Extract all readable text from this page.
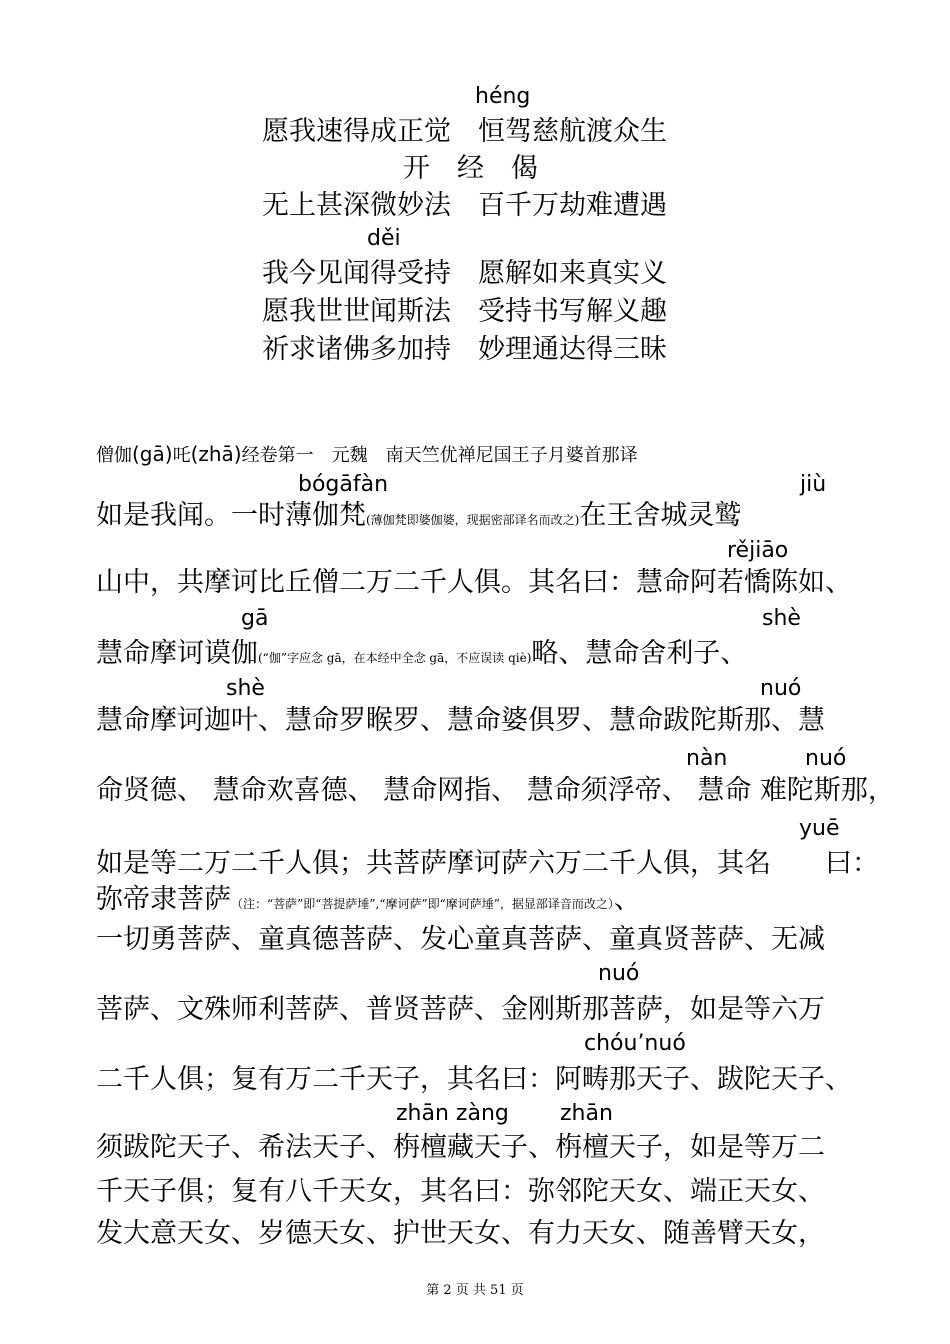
héng
愿我速得成正觉　恒驾慈航渡众生
开　经　偈
无上甚深微妙法　百千万劫难遭遇
děi
我今见闻得受持　愿解如来真实义
愿我世世闻斯法　受持书写解义趣
祈求诸佛多加持　妙理通达得三昧
僧伽(gā)吒(zhā)经卷第一　元魏　南天竺优禅尼国王子月婆首那译
bógāfàn	jiù
如是我闻。一时薄伽梵(薄伽梵即婆伽婆，现据密部译名而改之)在王舍城灵鹫
rějiāo
山中，共摩诃比丘僧二万二千人俱。其名曰：慧命阿若憍陈如、
gā	shè
慧命摩诃谟伽(“伽”字应念 gā，在本经中全念 gā，不应误读 qiè)略、慧命舍利子、
shè	nuó
慧命摩诃迦叶、慧命罗睺罗、慧命婆俱罗、慧命跋陀斯那、慧
nàn	nuó
命贤德、 慧命欢喜德、 慧命网指、 慧命须浮帝、 慧命 难陀斯那，
yuē
如是等二万二千人俱；共菩萨摩诃萨六万二千人俱，其名　　曰：
弥帝隶菩萨（注：“菩萨”即“菩提萨埵”,“摩诃萨”即“摩诃萨埵”，据显部译音而改之）、
一切勇菩萨、童真德菩萨、发心童真菩萨、童真贤菩萨、无减
nuó
菩萨、文殊师利菩萨、普贤菩萨、金刚斯那菩萨，如是等六万
chóu’nuó
二千人俱；复有万二千天子，其名曰：阿畴那天子、跋陀天子、
zhān zàng zhān
须跋陀天子、希法天子、栴檀藏天子、栴檀天子，如是等万二
千天子俱；复有八千天女，其名曰：弥邻陀天女、端正天女、
发大意天女、岁德天女、护世天女、有力天女、随善臂天女，
第 2 页 共 51 页
